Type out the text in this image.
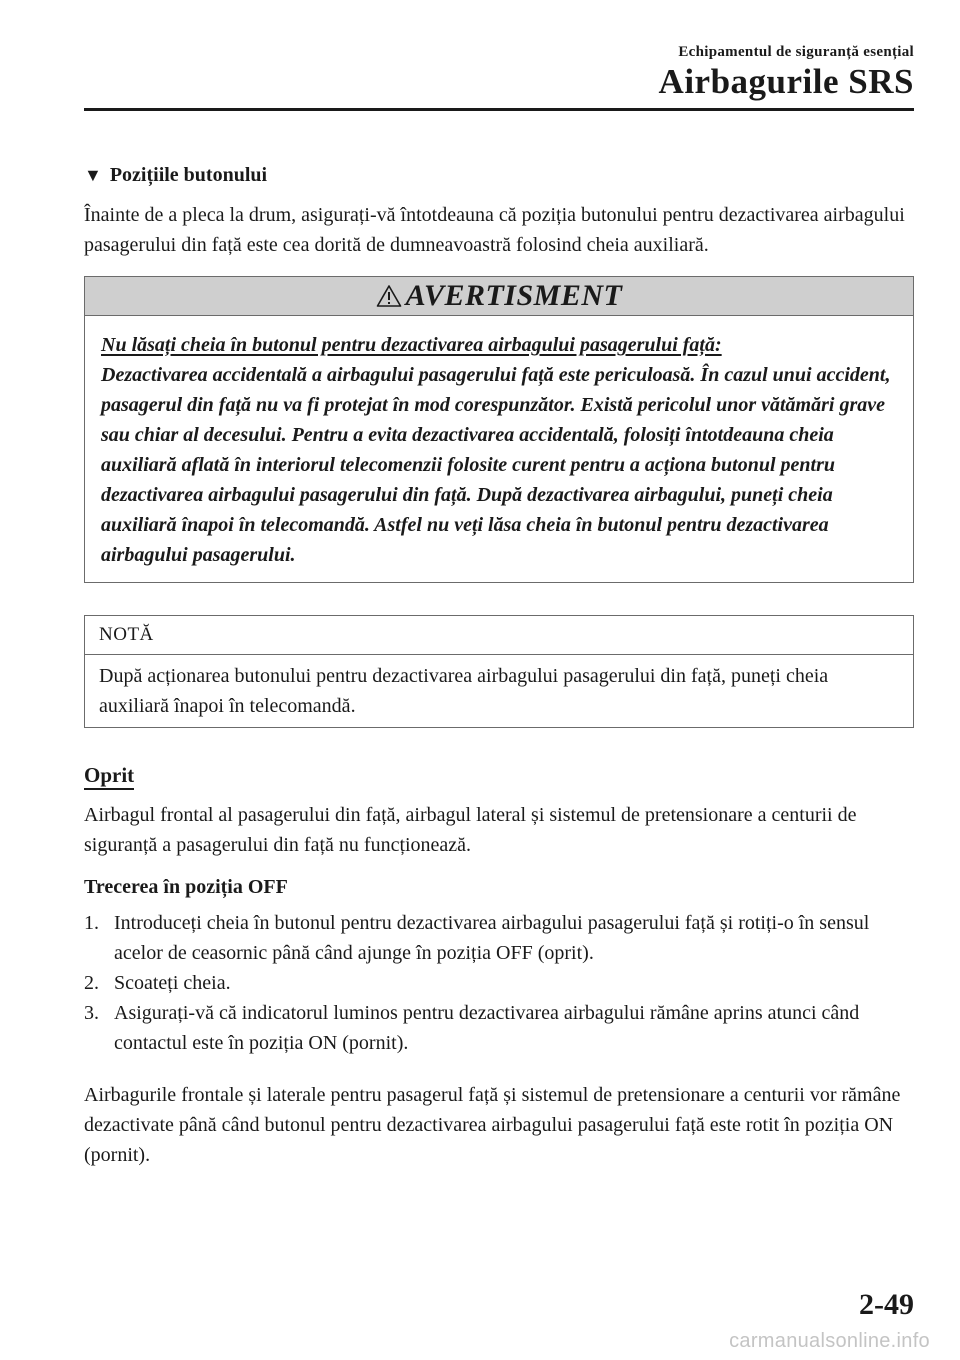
Echipamentul de siguranță esențial
Airbagurile SRS
▼ Pozițiile butonului

Înainte de a pleca la drum, asigurați-vă întotdeauna că poziția butonului pentru dezactivarea airbagului pasagerului din față este cea dorită de dumneavoastră folosind cheia auxiliară.

AVERTISMENT
Nu lăsați cheia în butonul pentru dezactivarea airbagului pasagerului față:
Dezactivarea accidentală a airbagului pasagerului față este periculoasă. În cazul unui accident, pasagerul din față nu va fi protejat în mod corespunzător. Există pericolul unor vătămări grave sau chiar al decesului. Pentru a evita dezactivarea accidentală, folosiți întotdeauna cheia auxiliară aflată în interiorul telecomenzii folosite curent pentru a acționa butonul pentru dezactivarea airbagului pasagerului din față. După dezactivarea airbagului, puneți cheia auxiliară înapoi în telecomandă. Astfel nu veți lăsa cheia în butonul pentru dezactivarea airbagului pasagerului.
NOTĂ
După acționarea butonului pentru dezactivarea airbagului pasagerului din față, puneți cheia auxiliară înapoi în telecomandă.
Oprit

Airbagul frontal al pasagerului din față, airbagul lateral și sistemul de pretensionare a centurii de siguranță a pasagerului din față nu funcționează.

Trecerea în poziția OFF

1. Introduceți cheia în butonul pentru dezactivarea airbagului pasagerului față și rotiți-o în sensul acelor de ceasornic până când ajunge în poziția OFF (oprit).
2. Scoateți cheia.
3. Asigurați-vă că indicatorul luminos pentru dezactivarea airbagului rămâne aprins atunci când contactul este în poziția ON (pornit).

Airbagurile frontale și laterale pentru pasagerul față și sistemul de pretensionare a centurii vor rămâne dezactivate până când butonul pentru dezactivarea airbagului pasagerului față este rotit în poziția ON (pornit).

2-49
carmanualsonline.info
